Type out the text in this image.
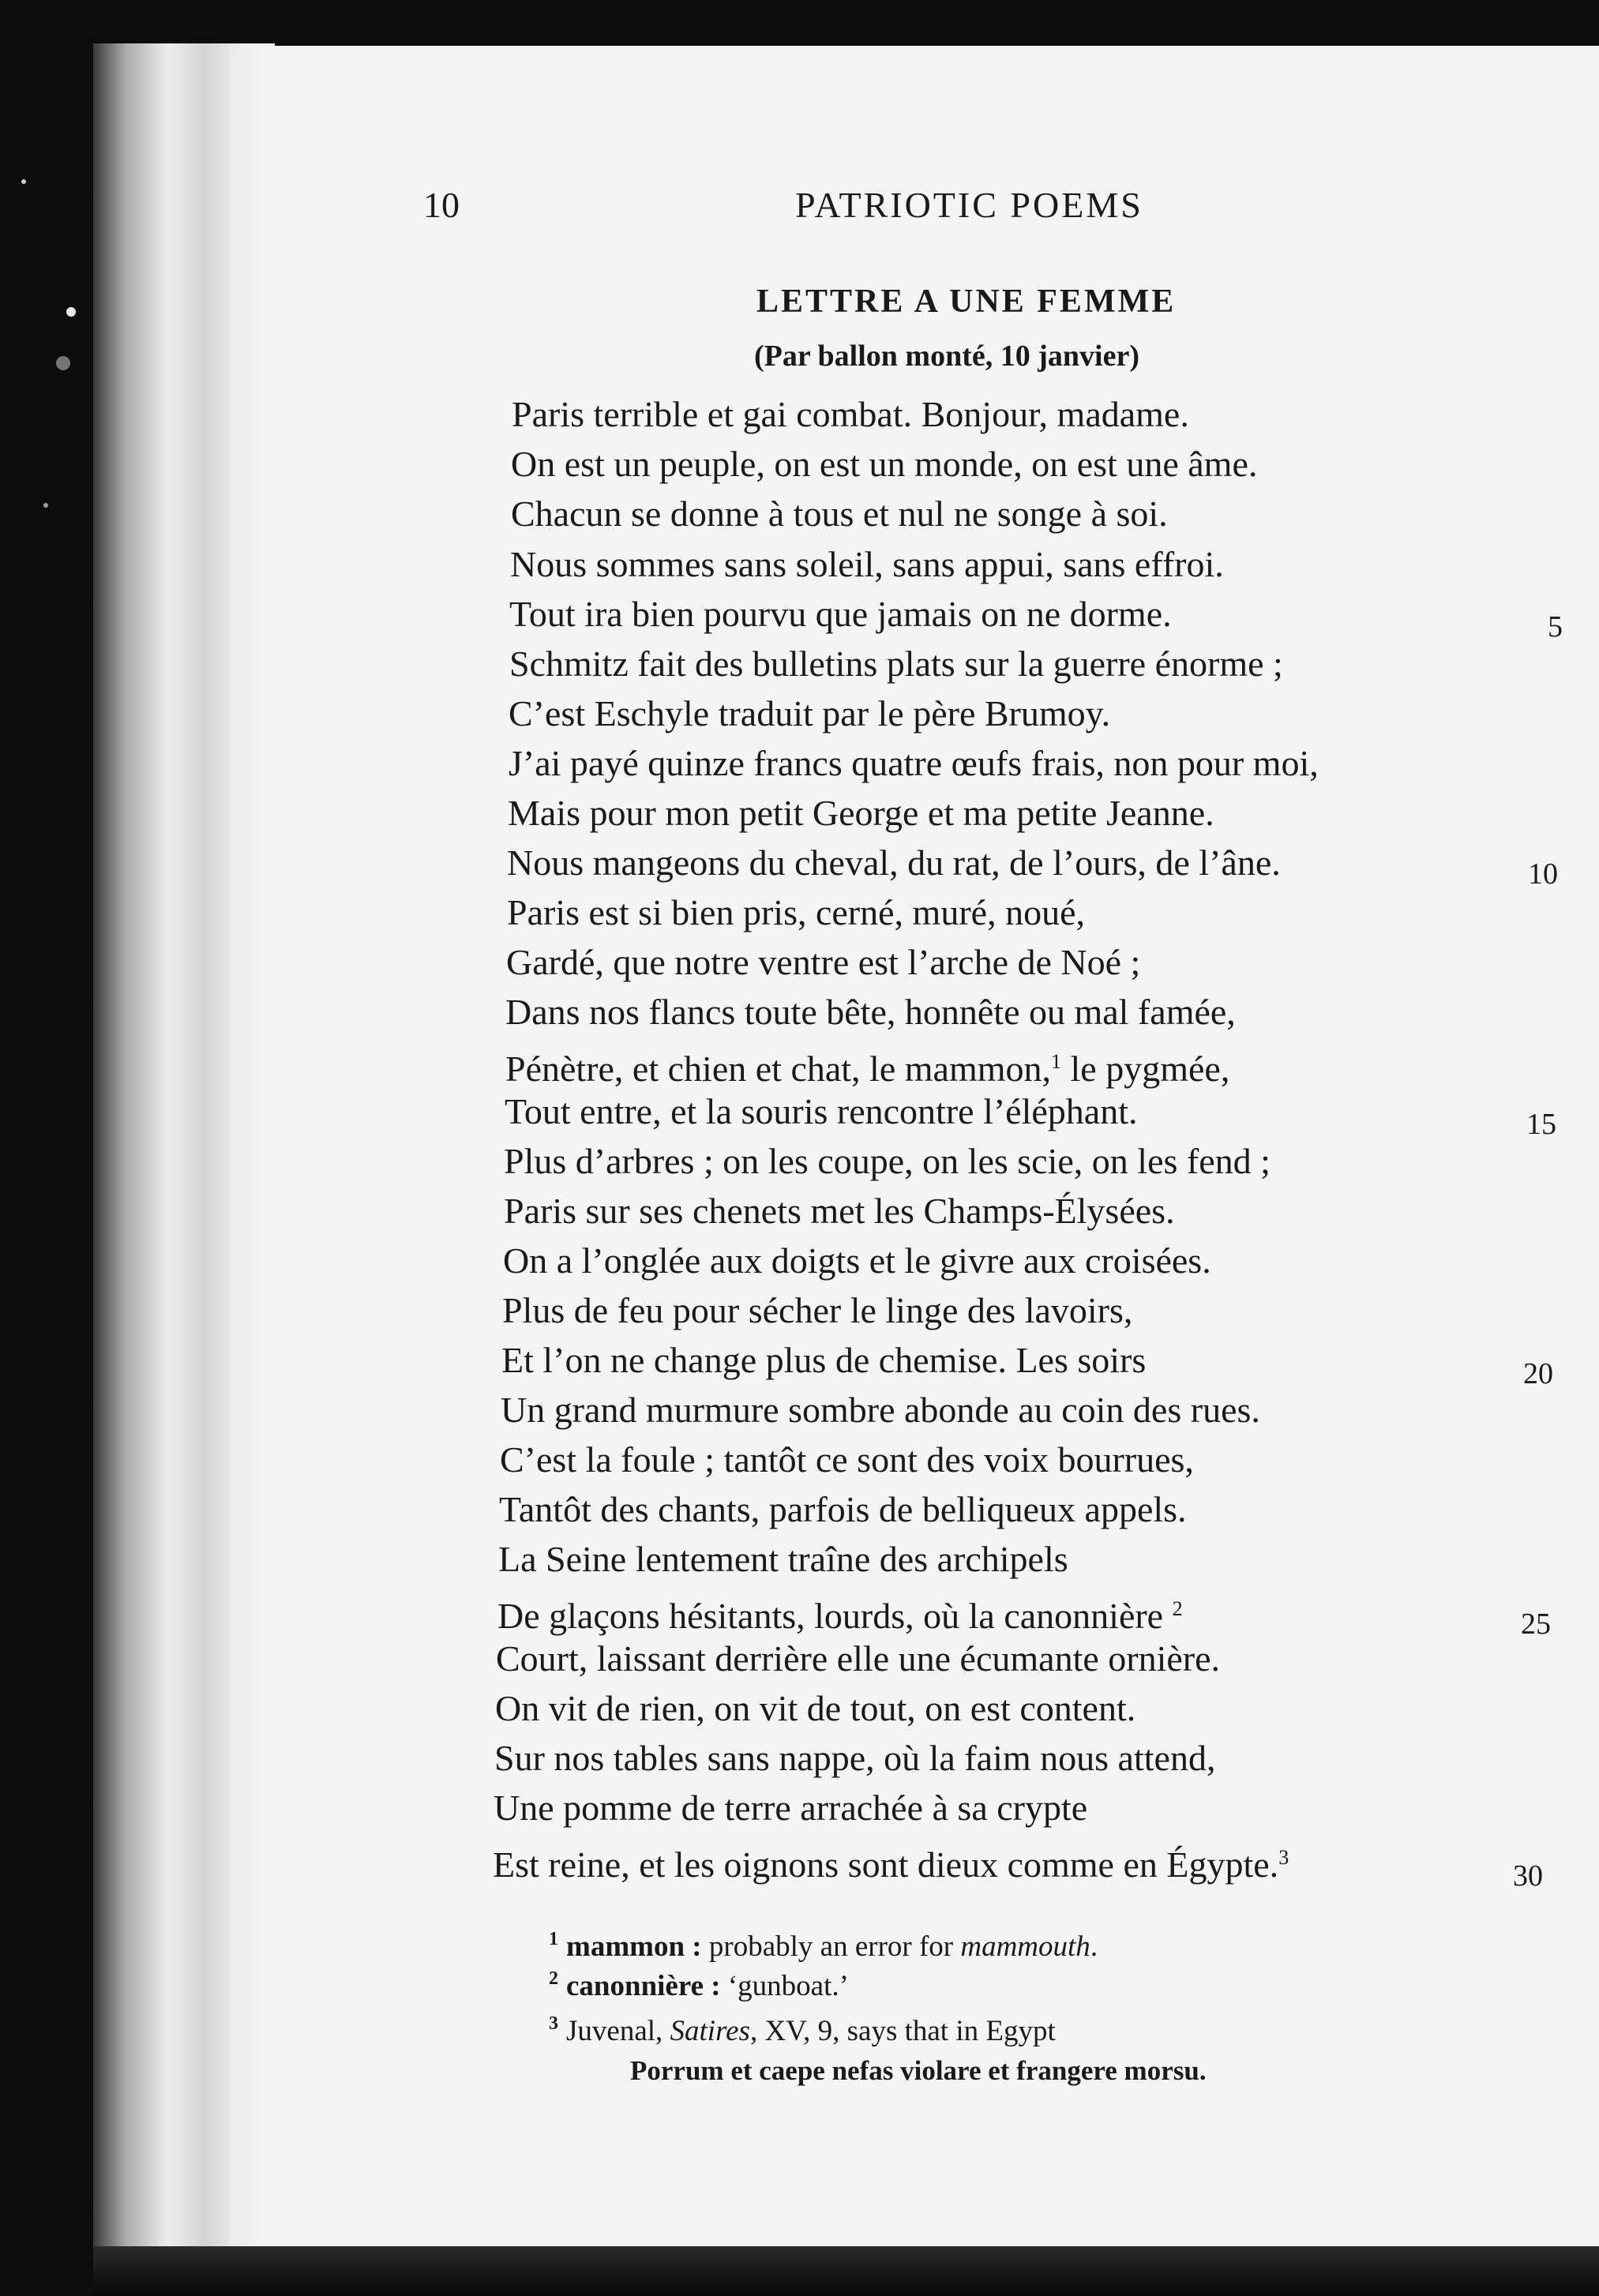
10	PATRIOTIC POEMS
LETTRE A UNE FEMME
(Par ballon monté, 10 janvier)
Paris terrible et gai combat. Bonjour, madame.
On est un peuple, on est un monde, on est une âme.
Chacun se donne à tous et nul ne songe à soi.
Nous sommes sans soleil, sans appui, sans effroi.
Tout ira bien pourvu que jamais on ne dorme.
Schmitz fait des bulletins plats sur la guerre énorme ;
C’est Eschyle traduit par le père Brumoy.
J’ai payé quinze francs quatre œufs frais, non pour moi,
Mais pour mon petit George et ma petite Jeanne.
Nous mangeons du cheval, du rat, de l’ours, de l’âne.
Paris est si bien pris, cerné, muré, noué,
Gardé, que notre ventre est l’arche de Noé ;
Dans nos flancs toute bête, honnête ou mal famée,
Pénètre, et chien et chat, le mammon,$^1$ le pygmée,
Tout entre, et la souris rencontre l’éléphant.
Plus d’arbres ; on les coupe, on les scie, on les fend ;
Paris sur ses chenets met les Champs-Élysées.
On a l’onglée aux doigts et le givre aux croisées.
Plus de feu pour sécher le linge des lavoirs,
Et l’on ne change plus de chemise. Les soirs
Un grand murmure sombre abonde au coin des rues.
C’est la foule ; tantôt ce sont des voix bourrues,
Tantôt des chants, parfois de belliqueux appels.
La Seine lentement traîne des archipels
De glaçons hésitants, lourds, où la canonnière $^2$
Court, laissant derrière elle une écumante ornière.
On vit de rien, on vit de tout, on est content.
Sur nos tables sans nappe, où la faim nous attend,
Une pomme de terre arrachée à sa crypte
Est reine, et les oignons sont dieux comme en Égypte.$^3$
5
10
15
20
25
30
$^1$ mammon : probably an error for mammouth.
$^2$ canonnière : ‘gunboat.’
$^3$ Juvenal, Satires, XV, 9, says that in Egypt
Porrum et caepe nefas violare et frangere morsu.
